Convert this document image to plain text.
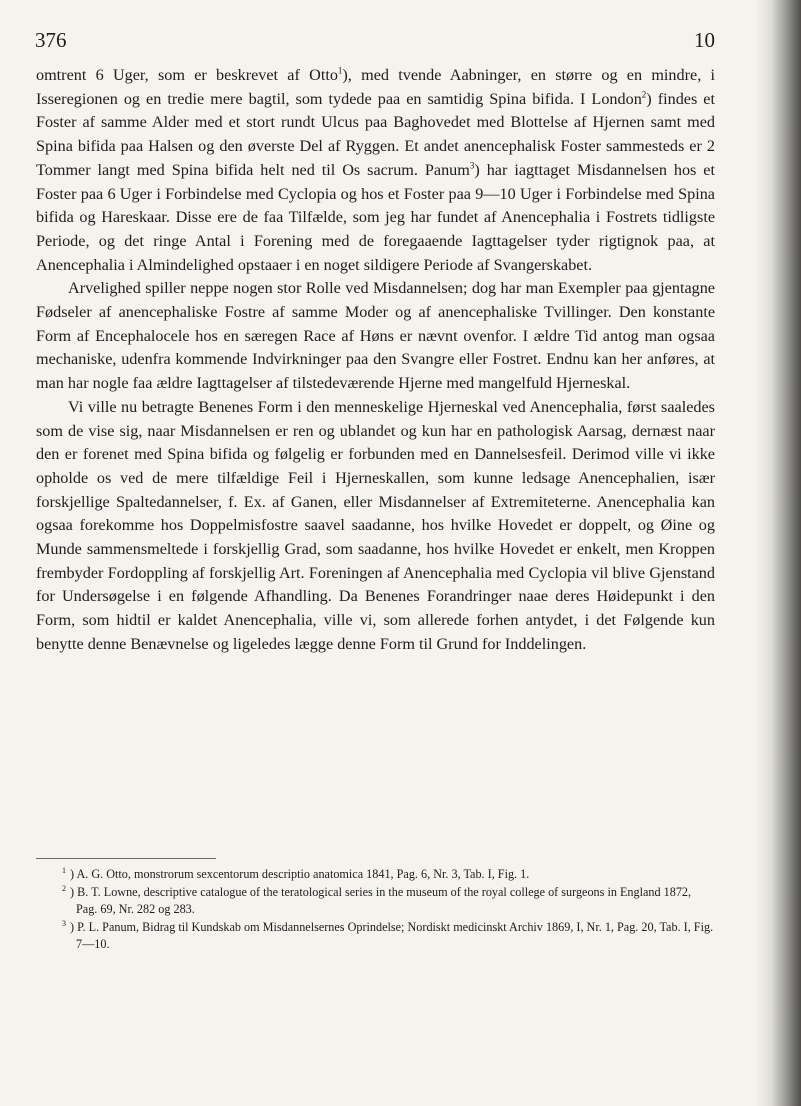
376	10

omtrent 6 Uger, som er beskrevet af Otto$^1$), med tvende Aabninger, en større og en mindre, i Isseregionen og en tredie mere bagtil, som tydede paa en samtidig Spina bifida. I London$^2$) findes et Foster af samme Alder med et stort rundt Ulcus paa Baghovedet med Blottelse af Hjernen samt med Spina bifida paa Halsen og den øverste Del af Ryggen. Et andet anencephalisk Foster sammesteds er 2 Tommer langt med Spina bifida helt ned til Os sacrum. Panum$^3$) har iagttaget Misdannelsen hos et Foster paa 6 Uger i Forbindelse med Cyclopia og hos et Foster paa 9—10 Uger i Forbindelse med Spina bifida og Hareskaar. Disse ere de faa Tilfælde, som jeg har fundet af Anencephalia i Fostrets tidligste Periode, og det ringe Antal i Forening med de foregaaende Iagttagelser tyder rigtignok paa, at Anencephalia i Almindelighed opstaaer i en noget sildigere Periode af Svangerskabet.

Arvelighed spiller neppe nogen stor Rolle ved Misdannelsen; dog har man Exempler paa gjentagne Fødseler af anencephaliske Fostre af samme Moder og af anencephaliske Tvillinger. Den konstante Form af Encephalocele hos en særegen Race af Høns er nævnt ovenfor. I ældre Tid antog man ogsaa mechaniske, udenfra kommende Indvirkninger paa den Svangre eller Fostret. Endnu kan her anføres, at man har nogle faa ældre Iagttagelser af tilstedeværende Hjerne med mangelfuld Hjerneskal.

Vi ville nu betragte Benenes Form i den menneskelige Hjerneskal ved Anencephalia, først saaledes som de vise sig, naar Misdannelsen er ren og ublandet og kun har en pathologisk Aarsag, dernæst naar den er forenet med Spina bifida og følgelig er forbunden med en Dannelsesfeil. Derimod ville vi ikke opholde os ved de mere tilfældige Feil i Hjerneskallen, som kunne ledsage Anencephalien, især forskjellige Spaltedannelser, f. Ex. af Ganen, eller Misdannelser af Extremiteterne. Anencephalia kan ogsaa forekomme hos Doppelmisfostre saavel saadanne, hos hvilke Hovedet er doppelt, og Øine og Munde sammensmeltede i forskjellig Grad, som saadanne, hos hvilke Hovedet er enkelt, men Kroppen frembyder Fordoppling af forskjellig Art. Foreningen af Anencephalia med Cyclopia vil blive Gjenstand for Undersøgelse i en følgende Afhandling. Da Benenes Forandringer naae deres Høidepunkt i den Form, som hidtil er kaldet Anencephalia, ville vi, som allerede forhen antydet, i det Følgende kun benytte denne Benævnelse og ligeledes lægge denne Form til Grund for Inddelingen.

$^1$ ) A. G. Otto, monstrorum sexcentorum descriptio anatomica 1841, Pag. 6, Nr. 3, Tab. I, Fig. 1.
$^2$ ) B. T. Lowne, descriptive catalogue of the teratological series in the museum of the royal college of surgeons in England 1872, Pag. 69, Nr. 282 og 283.
$^3$ ) P. L. Panum, Bidrag til Kundskab om Misdannelsernes Oprindelse; Nordiskt medicinskt Archiv 1869, I, Nr. 1, Pag. 20, Tab. I, Fig. 7—10.
